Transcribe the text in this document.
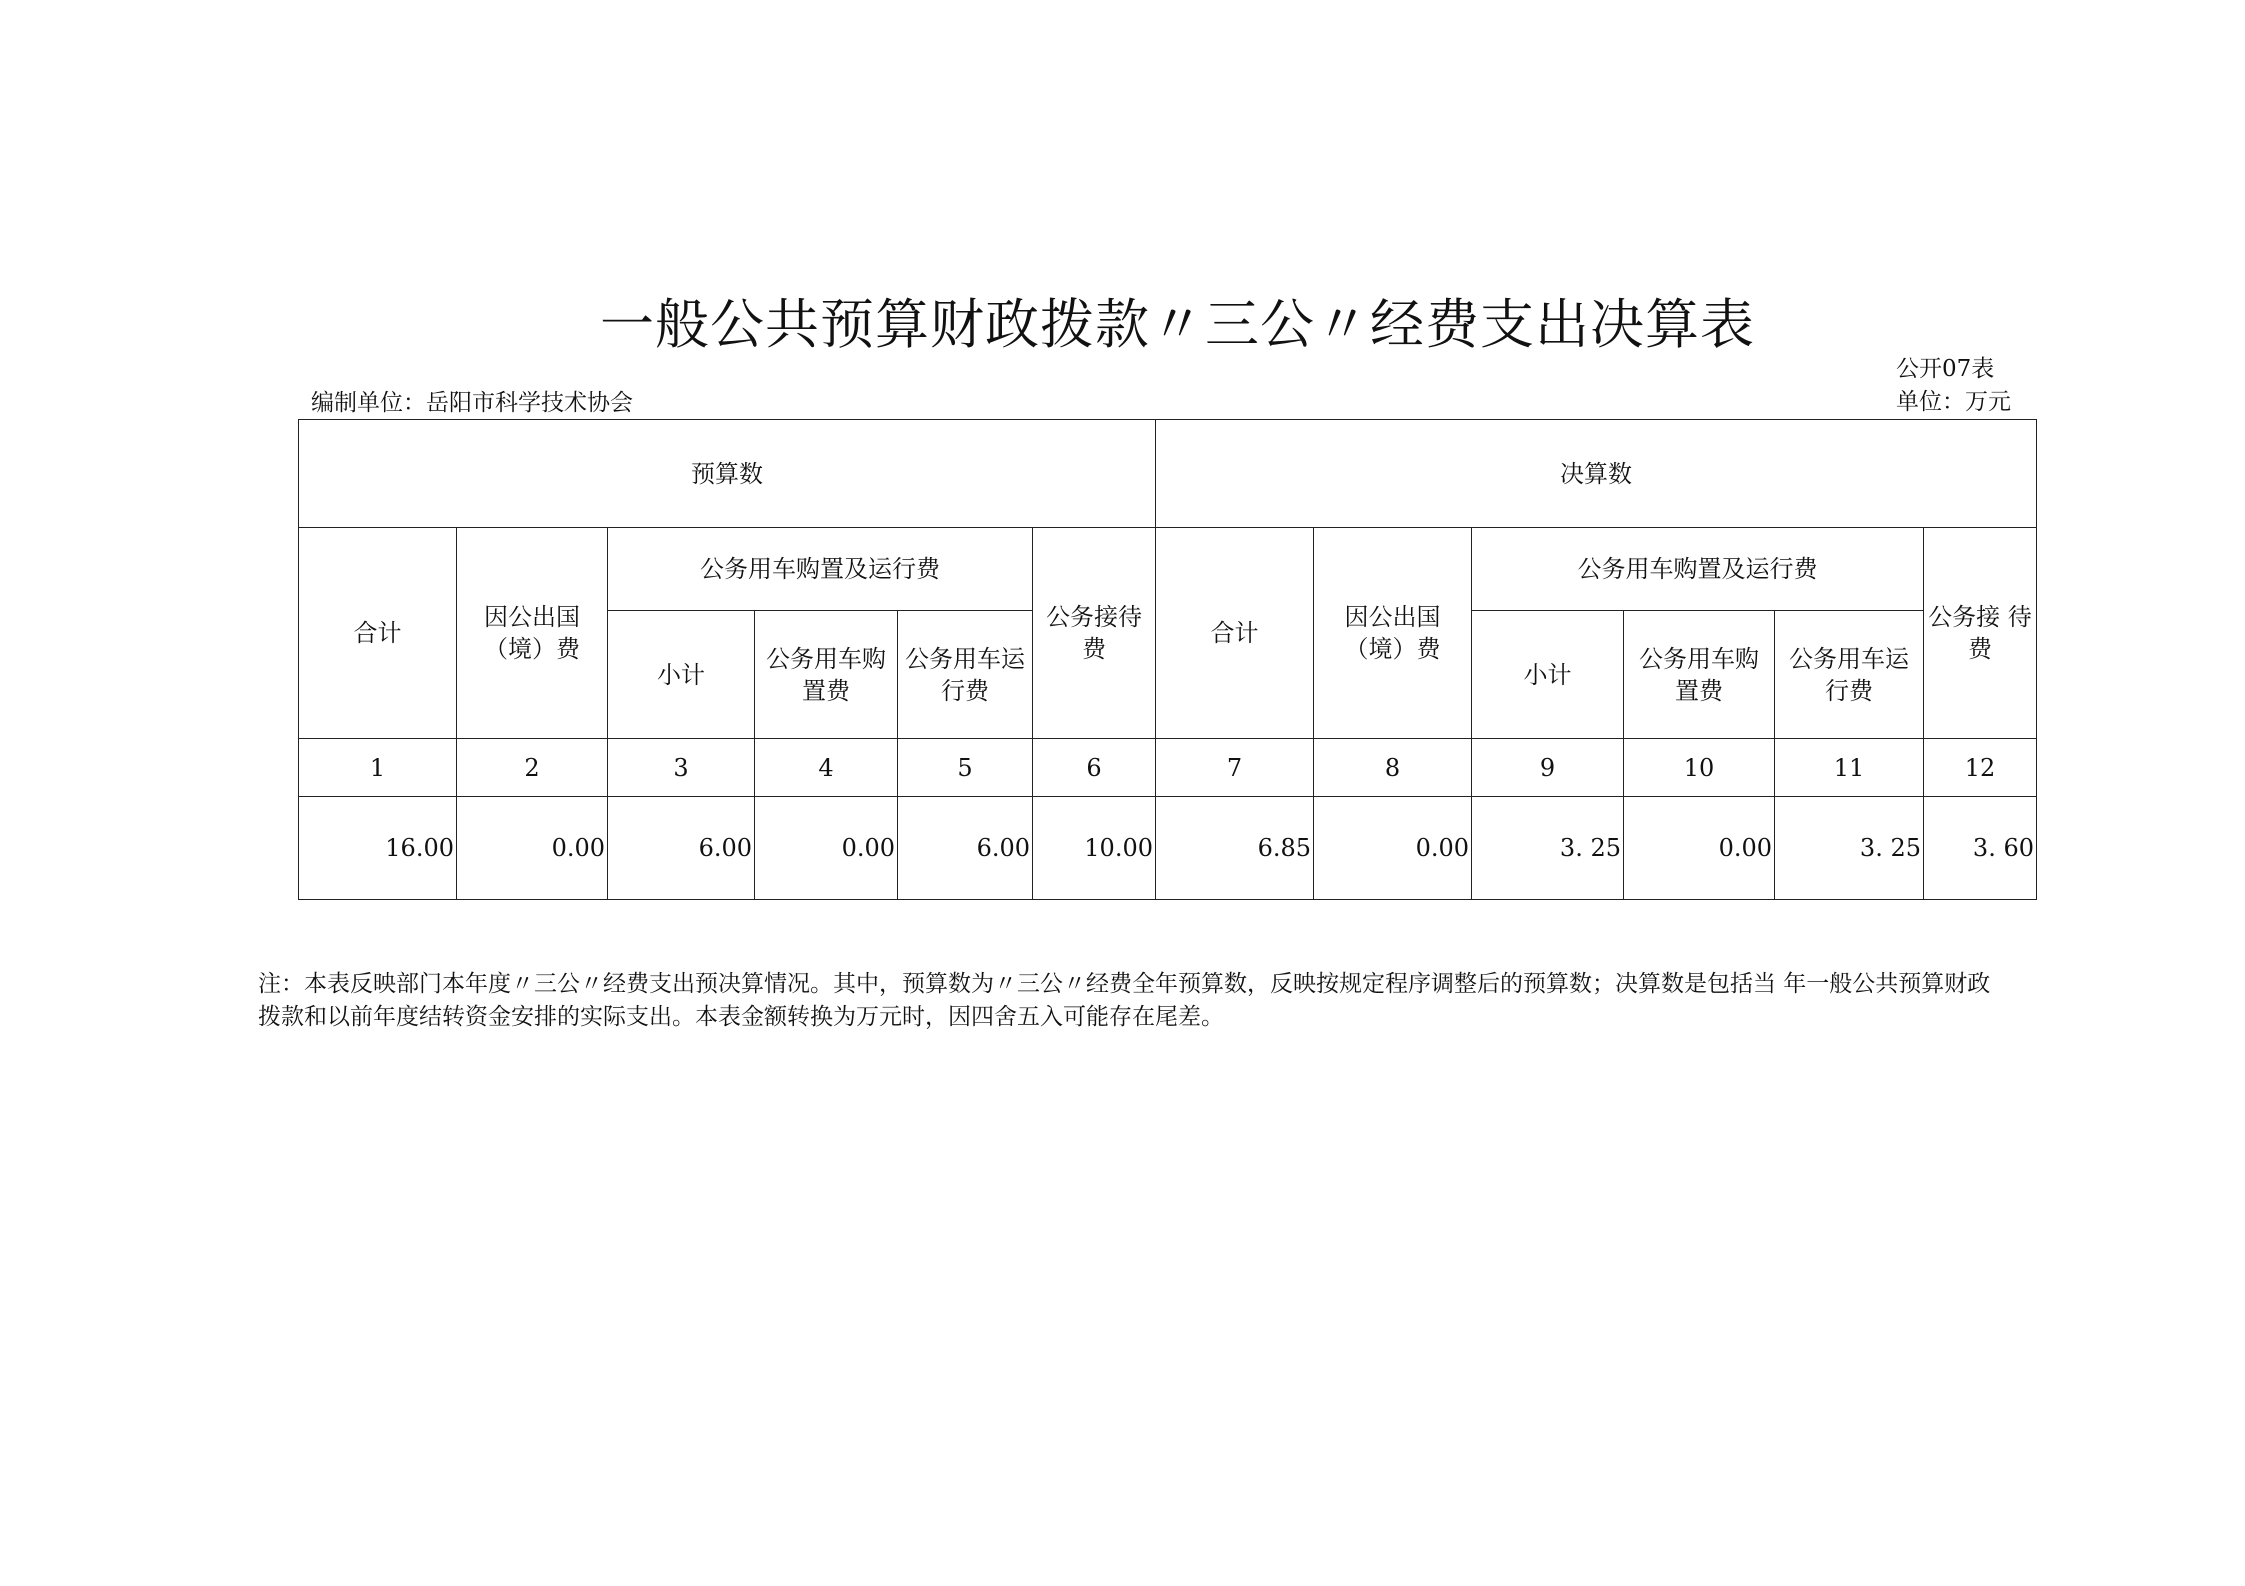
一般公共预算财政拨款〃三公〃经费支出决算表
公开07表
单位：万元
编制单位：岳阳市科学技术协会
预算数						决算数					
合计	因公出国（境）费	公务用车购置及运行费			公务接待费	合计	因公出国（境）费	公务用车购置及运行费			公务接 待费
		小计	公务用车购置费	公务用车运行费				小计	公务用车购置费	公务用车运行费	
1	2	3	4	5	6	7	8	9	10	11	12
16.00	0.00	6.00	0.00	6.00	10.00	6.85	0.00	3. 25	0.00	3. 25	3. 60
注：本表反映部门本年度〃三公〃经费支出预决算情况。其中，预算数为〃三公〃经费全年预算数，反映按规定程序调整后的预算数；决算数是包括当 年一般公共预算财政拨款和以前年度结转资金安排的实际支出。本表金额转换为万元时，因四舍五入可能存在尾差。
